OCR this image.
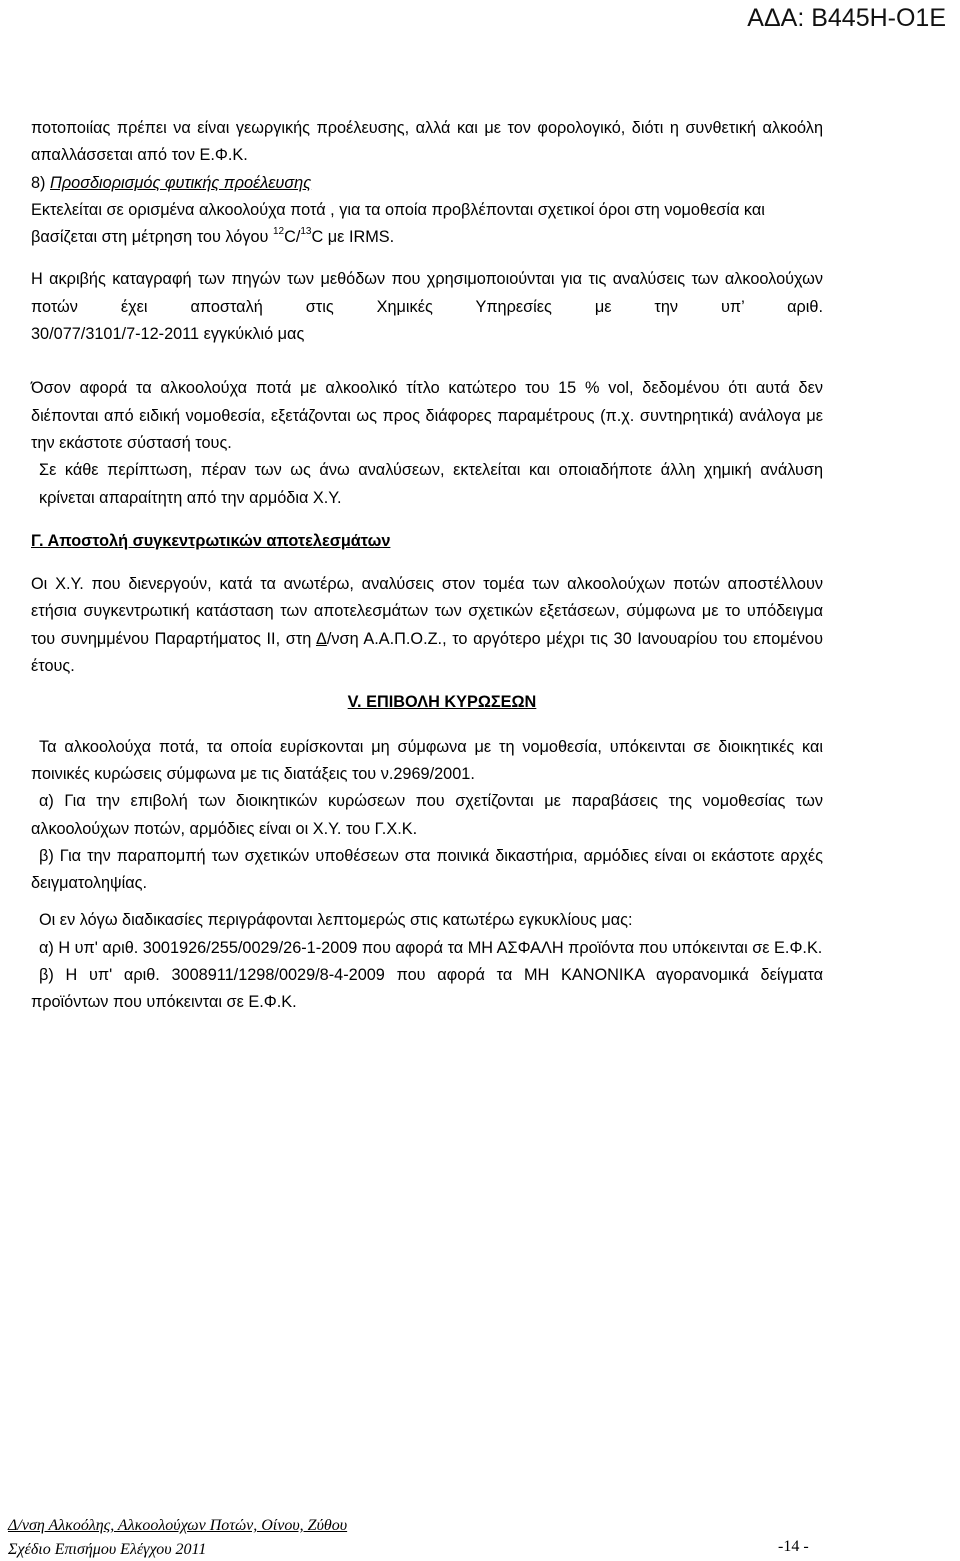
ΑΔΑ: Β445Η-Ο1Ε

ποτοποιίας πρέπει να είναι γεωργικής προέλευσης, αλλά και με τον φορολογικό, διότι η συνθετική αλκοόλη απαλλάσσεται από τον Ε.Φ.Κ.

8) Προσδιορισμός φυτικής προέλευσης

Εκτελείται σε ορισμένα αλκοολούχα ποτά , για τα οποία προβλέπονται σχετικοί όροι στη νομοθεσία και βασίζεται στη μέτρηση του λόγου $^{12}$C/$^{13}$C με IRMS.

Η ακριβής καταγραφή των πηγών των μεθόδων που χρησιμοποιούνται για τις αναλύσεις των αλκοολούχων ποτών έχει αποσταλή στις Χημικές Υπηρεσίες με την υπ’ αριθ.

30/077/3101/7-12-2011 εγγκύκλιό μας

Όσον αφορά τα αλκοολούχα ποτά με αλκοολικό τίτλο κατώτερο του 15 % vol, δεδομένου ότι αυτά δεν διέπονται από ειδική νομοθεσία, εξετάζονται ως προς διάφορες παραμέτρους (π.χ. συντηρητικά) ανάλογα με την εκάστοτε σύστασή τους.

Σε κάθε περίπτωση, πέραν των ως άνω αναλύσεων, εκτελείται και οποιαδήποτε άλλη χημική ανάλυση κρίνεται απαραίτητη από την αρμόδια Χ.Υ.

Γ. Αποστολή συγκεντρωτικών αποτελεσμάτων

Οι Χ.Υ. που διενεργούν, κατά τα ανωτέρω, αναλύσεις στον τομέα των αλκοολούχων ποτών αποστέλλουν ετήσια συγκεντρωτική κατάσταση των αποτελεσμάτων των σχετικών εξετάσεων, σύμφωνα με το υπόδειγμα του συνημμένου Παραρτήματος ΙΙ, στη Δ/νση Α.Α.Π.Ο.Ζ., το αργότερο μέχρι τις 30 Ιανουαρίου του επομένου έτους.

V. ΕΠΙΒΟΛΗ ΚΥΡΩΣΕΩΝ

Τα αλκοολούχα ποτά, τα οποία ευρίσκονται μη σύμφωνα με τη νομοθεσία, υπόκεινται σε διοικητικές και ποινικές κυρώσεις σύμφωνα με τις διατάξεις του ν.2969/2001.

α) Για την επιβολή των διοικητικών κυρώσεων που σχετίζονται με παραβάσεις της νομοθεσίας των αλκοολούχων ποτών, αρμόδιες είναι οι Χ.Υ. του Γ.Χ.Κ.

β) Για την παραπομπή των σχετικών υποθέσεων στα ποινικά δικαστήρια, αρμόδιες είναι οι εκάστοτε αρχές δειγματοληψίας.

Οι εν λόγω διαδικασίες περιγράφονται λεπτομερώς στις κατωτέρω εγκυκλίους μας:

α) Η υπ' αριθ. 3001926/255/0029/26-1-2009 που αφορά τα ΜΗ ΑΣΦΑΛΗ προϊόντα που υπόκεινται σε Ε.Φ.Κ.

β) Η υπ' αριθ. 3008911/1298/0029/8-4-2009 που αφορά τα ΜΗ ΚΑΝΟΝΙΚΑ αγορανομικά δείγματα προϊόντων που υπόκεινται σε Ε.Φ.Κ.

Δ/νση Αλκοόλης, Αλκοολούχων Ποτών, Οίνου, Ζύθου
Σχέδιο Επισήμου Ελέγχου 2011	-14 -
